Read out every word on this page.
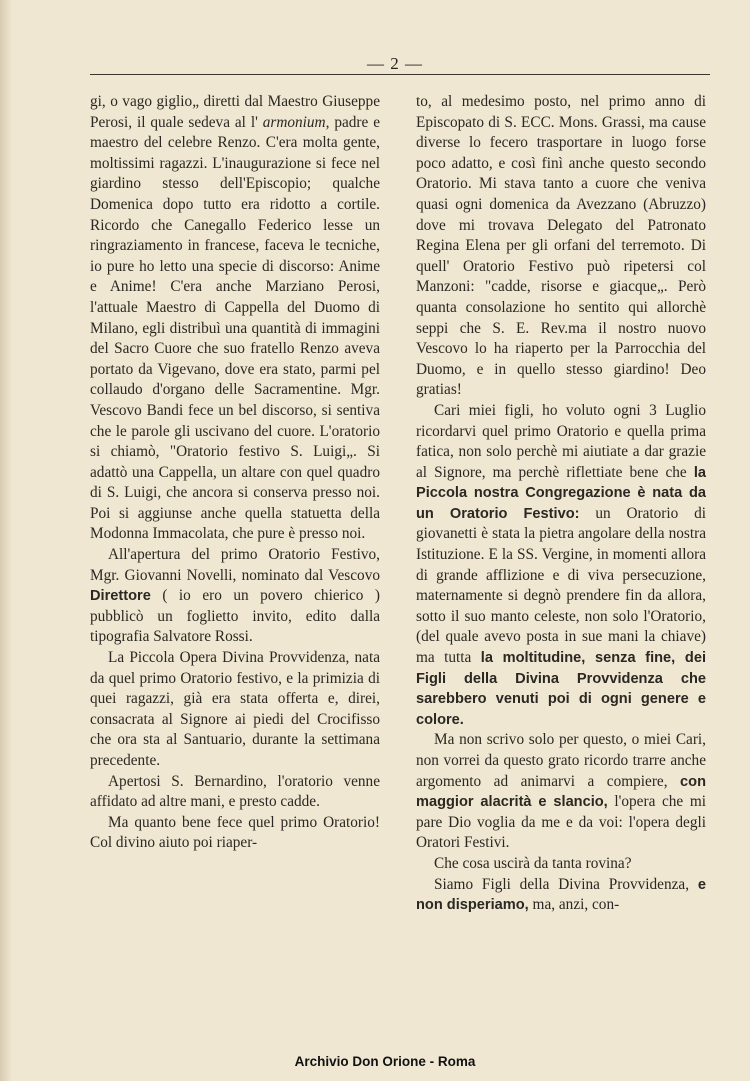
— 2 —

gi, o vago giglio„ diretti dal Maestro Giuseppe Perosi, il quale sedeva al l' armonium, padre e maestro del celebre Renzo. C'era molta gente, moltissimi ragazzi. L'inaugurazione si fece nel giardino stesso dell'Episcopio; qualche Domenica dopo tutto era ridotto a cortile. Ricordo che Canegallo Federico lesse un ringraziamento in francese, faceva le tecniche, io pure ho letto una specie di discorso: Anime e Anime! C'era anche Marziano Perosi, l'attuale Maestro di Cappella del Duomo di Milano, egli distribuì una quantità di immagini del Sacro Cuore che suo fratello Renzo aveva portato da Vigevano, dove era stato, parmi pel collaudo d'organo delle Sacramentine. Mgr. Vescovo Bandi fece un bel discorso, si sentiva che le parole gli uscivano del cuore. L'oratorio si chiamò, "Oratorio festivo S. Luigi„. Si adattò una Cappella, un altare con quel quadro di S. Luigi, che ancora si conserva presso noi. Poi si aggiunse anche quella statuetta della Modonna Immacolata, che pure è presso noi.

All'apertura del primo Oratorio Festivo, Mgr. Giovanni Novelli, nominato dal Vescovo Direttore ( io ero un povero chierico ) pubblicò un foglietto invito, edito dalla tipografia Salvatore Rossi.

La Piccola Opera Divina Provvidenza, nata da quel primo Oratorio festivo, e la primizia di quei ragazzi, già era stata offerta e, direi, consacrata al Signore ai piedi del Crocifisso che ora sta al Santuario, durante la settimana precedente.

Apertosi S. Bernardino, l'oratorio venne affidato ad altre mani, e presto cadde.

Ma quanto bene fece quel primo Oratorio! Col divino aiuto poi riaper-

to, al medesimo posto, nel primo anno di Episcopato di S. ECC. Mons. Grassi, ma cause diverse lo fecero trasportare in luogo forse poco adatto, e così finì anche questo secondo Oratorio. Mi stava tanto a cuore che veniva quasi ogni domenica da Avezzano (Abruzzo) dove mi trovava Delegato del Patronato Regina Elena per gli orfani del terremoto. Di quell' Oratorio Festivo può ripetersi col Manzoni: "cadde, risorse e giacque„. Però quanta consolazione ho sentito qui allorchè seppi che S. E. Rev.ma il nostro nuovo Vescovo lo ha riaperto per la Parrocchia del Duomo, e in quello stesso giardino! Deo gratias!

Cari miei figli, ho voluto ogni 3 Luglio ricordarvi quel primo Oratorio e quella prima fatica, non solo perchè mi aiutiate a dar grazie al Signore, ma perchè riflettiate bene che la Piccola nostra Congregazione è nata da un Oratorio Festivo: un Oratorio di giovanetti è stata la pietra angolare della nostra Istituzione. E la SS. Vergine, in momenti allora di grande afflizione e di viva persecuzione, maternamente si degnò prendere fin da allora, sotto il suo manto celeste, non solo l'Oratorio, (del quale avevo posta in sue mani la chiave) ma tutta la moltitudine, senza fine, dei Figli della Divina Provvidenza che sarebbero venuti poi di ogni genere e colore.

Ma non scrivo solo per questo, o miei Cari, non vorrei da questo grato ricordo trarre anche argomento ad animarvi a compiere, con maggior alacrità e slancio, l'opera che mi pare Dio voglia da me e da voi: l'opera degli Oratori Festivi.

Che cosa uscirà da tanta rovina?

Siamo Figli della Divina Provvidenza, e non disperiamo, ma, anzi, con-

Archivio Don Orione - Roma
